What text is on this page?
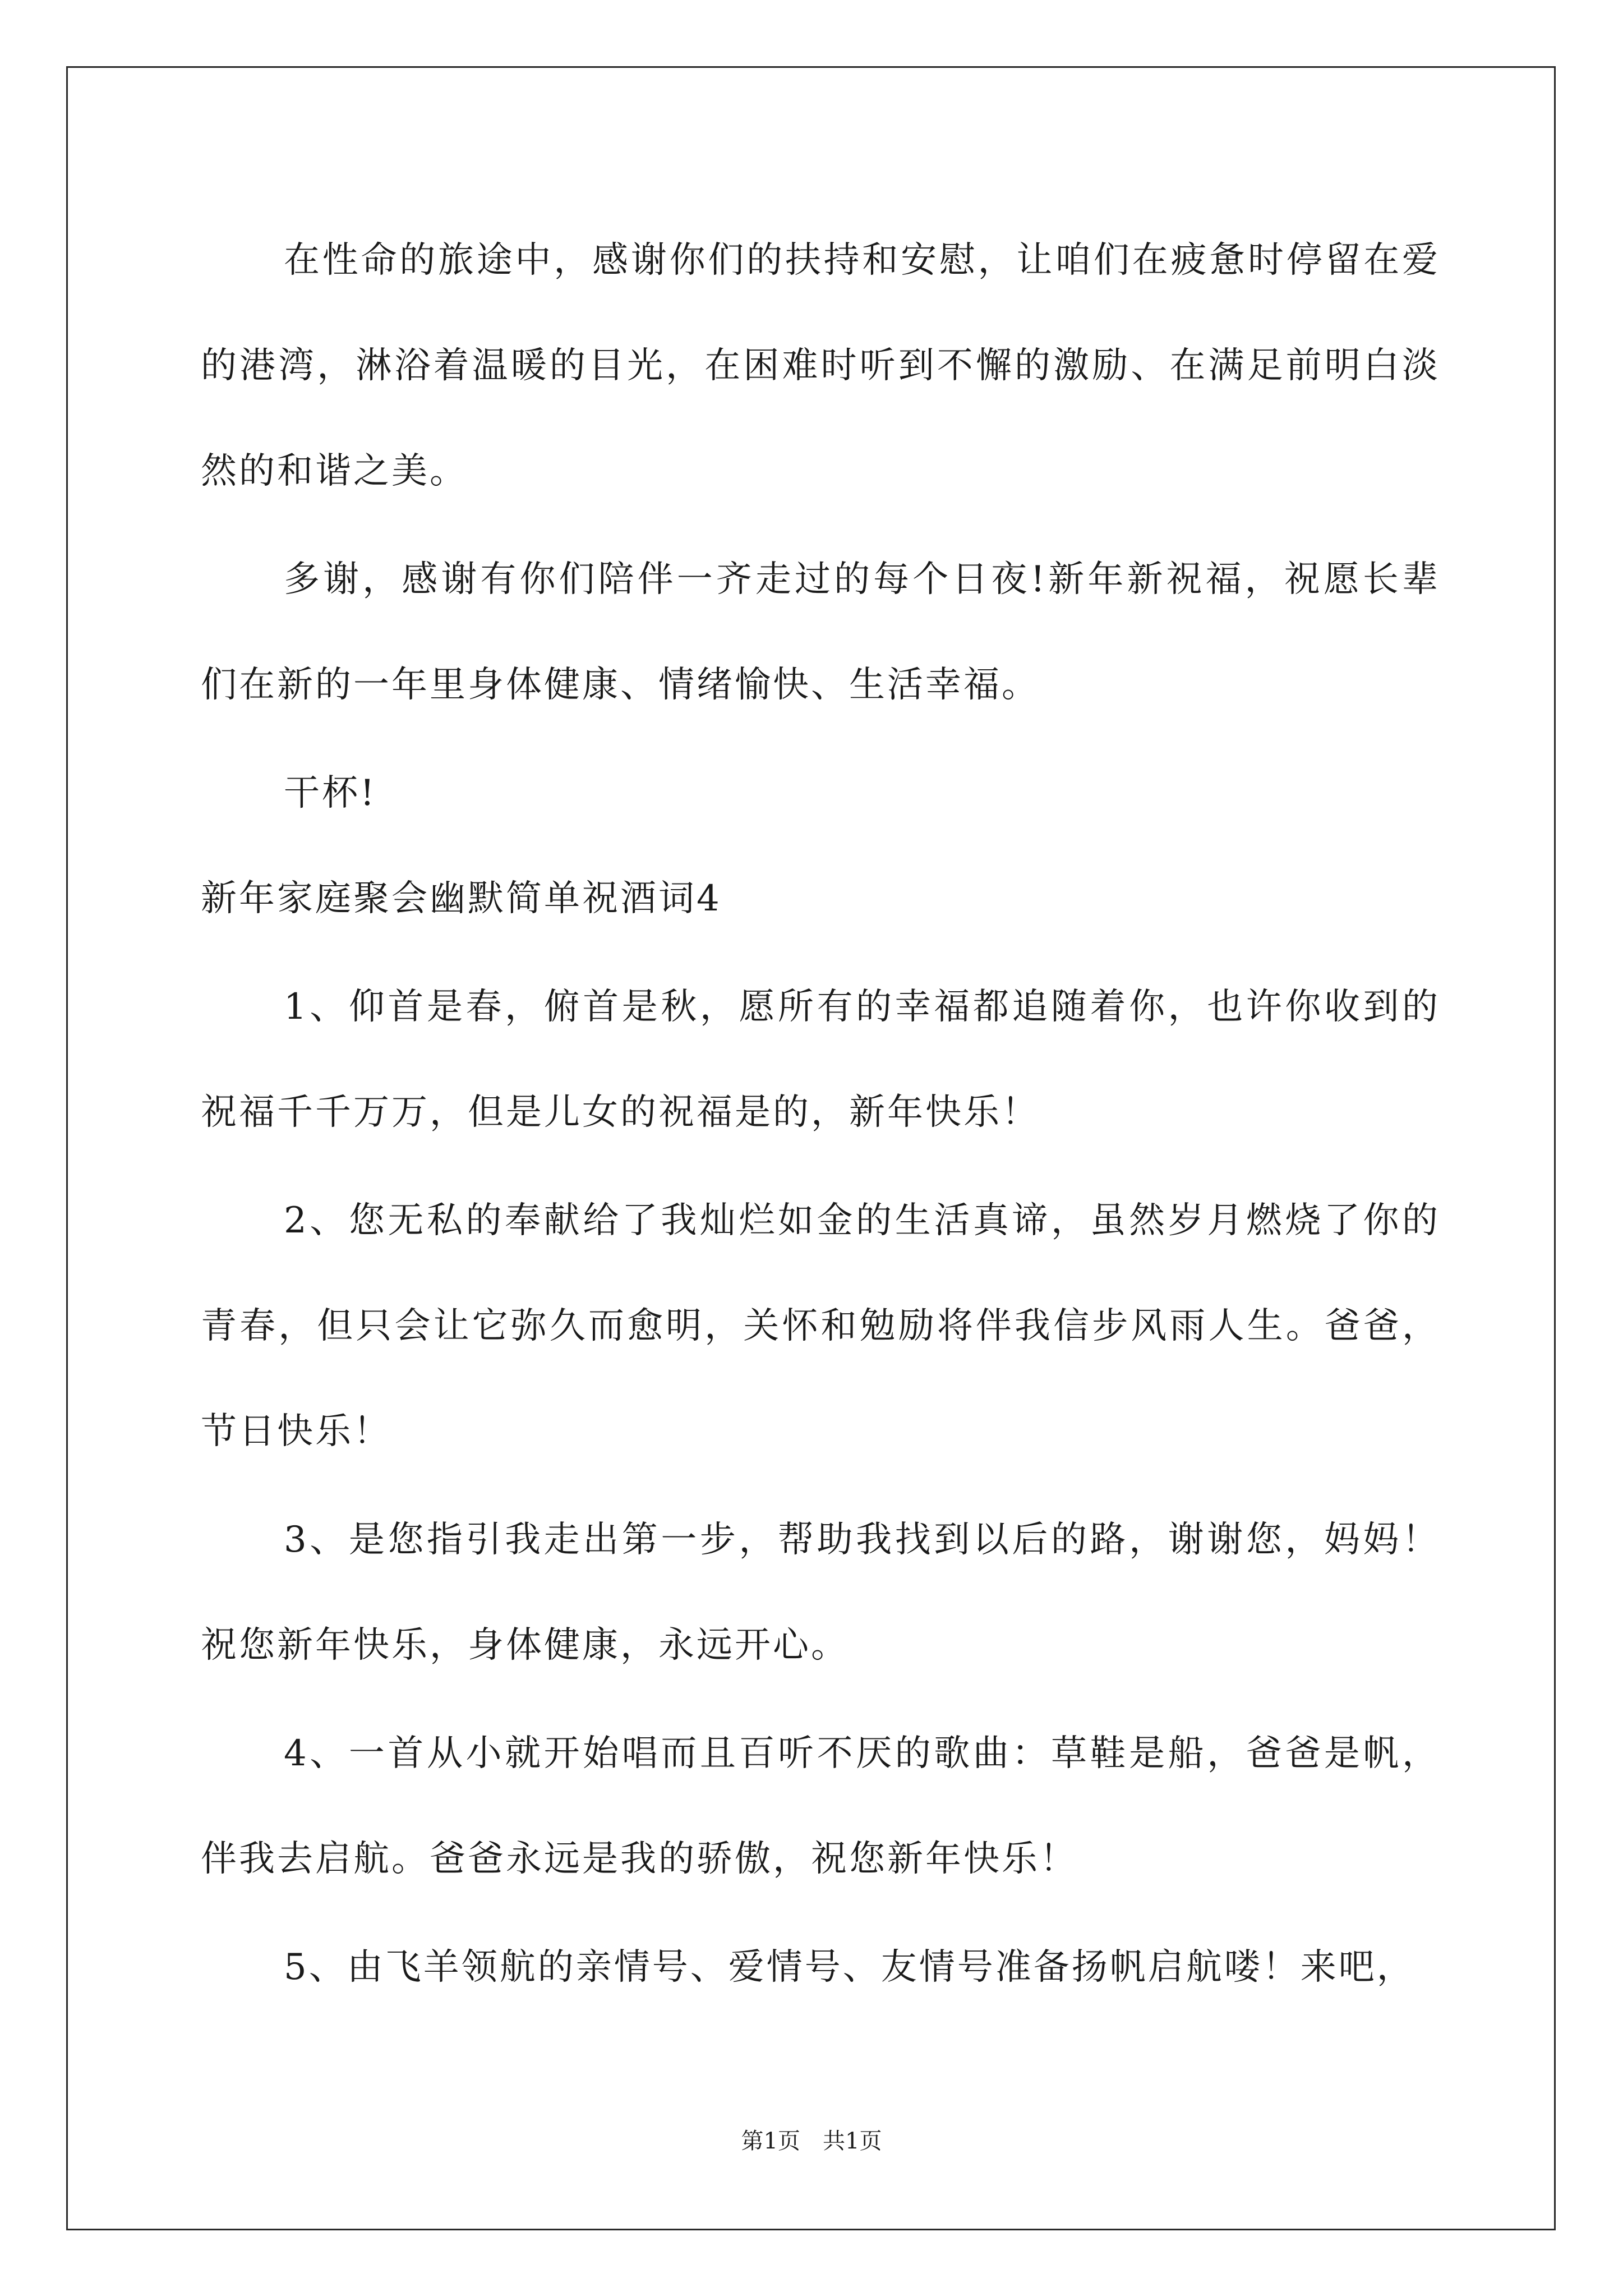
在性命的旅途中，感谢你们的扶持和安慰，让咱们在疲惫时停留在爱的港湾，淋浴着温暖的目光，在困难时听到不懈的激励、在满足前明白淡然的和谐之美。

多谢，感谢有你们陪伴一齐走过的每个日夜!新年新祝福，祝愿长辈们在新的一年里身体健康、情绪愉快、生活幸福。

干杯!

新年家庭聚会幽默简单祝酒词4

1、仰首是春，俯首是秋，愿所有的幸福都追随着你，也许你收到的祝福千千万万，但是儿女的祝福是的，新年快乐！

2、您无私的奉献给了我灿烂如金的生活真谛，虽然岁月燃烧了你的青春，但只会让它弥久而愈明，关怀和勉励将伴我信步风雨人生。爸爸，节日快乐！

3、是您指引我走出第一步，帮助我找到以后的路，谢谢您，妈妈！祝您新年快乐，身体健康，永远开心。

4、一首从小就开始唱而且百听不厌的歌曲：草鞋是船，爸爸是帆，伴我去启航。爸爸永远是我的骄傲，祝您新年快乐！

5、由飞羊领航的亲情号、爱情号、友情号准备扬帆启航喽！来吧，

第1页　共1页
